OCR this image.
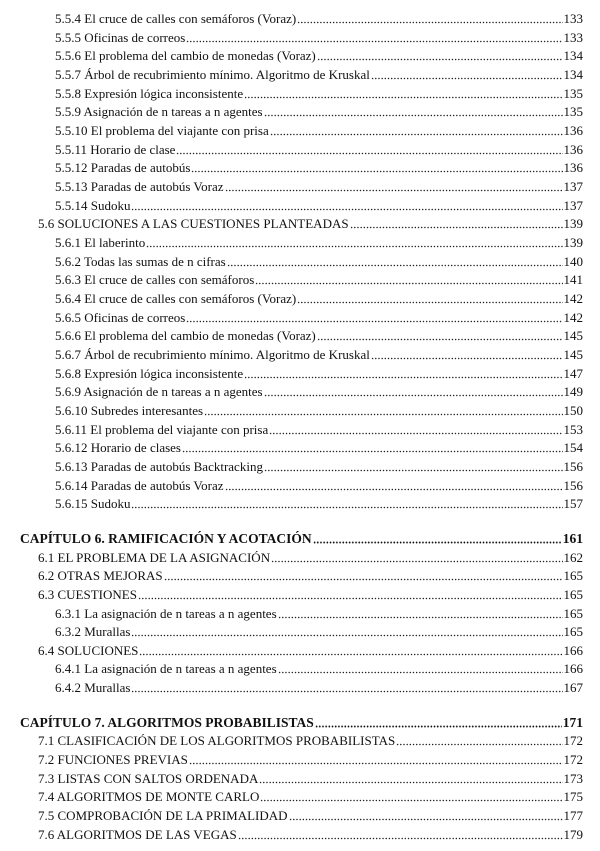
5.5.4 El cruce de calles con semáforos (Voraz)	133
5.5.5 Oficinas de correos	133
5.5.6 El problema del cambio de monedas (Voraz)	134
5.5.7 Árbol de recubrimiento mínimo. Algoritmo de Kruskal	134
5.5.8 Expresión lógica inconsistente	135
5.5.9 Asignación de n tareas a n agentes	135
5.5.10 El problema del viajante con prisa	136
5.5.11 Horario de clase	136
5.5.12 Paradas de autobús	136
5.5.13 Paradas de autobús Voraz	137
5.5.14 Sudoku	137
5.6 SOLUCIONES A LAS CUESTIONES PLANTEADAS	139
5.6.1 El laberinto	139
5.6.2 Todas las sumas de n cifras	140
5.6.3 El cruce de calles con semáforos	141
5.6.4 El cruce de calles con semáforos (Voraz)	142
5.6.5 Oficinas de correos	142
5.6.6 El problema del cambio de monedas (Voraz)	145
5.6.7 Árbol de recubrimiento mínimo. Algoritmo de Kruskal	145
5.6.8 Expresión lógica inconsistente	147
5.6.9 Asignación de n tareas a n agentes	149
5.6.10 Subredes interesantes	150
5.6.11 El problema del viajante con prisa	153
5.6.12 Horario de clases	154
5.6.13 Paradas de autobús Backtracking	156
5.6.14 Paradas de autobús Voraz	156
5.6.15 Sudoku	157
CAPÍTULO 6. RAMIFICACIÓN Y ACOTACIÓN	161
6.1 EL PROBLEMA DE LA ASIGNACIÓN	162
6.2 OTRAS MEJORAS	165
6.3 CUESTIONES	165
6.3.1 La asignación de n tareas a n agentes	165
6.3.2 Murallas	165
6.4 SOLUCIONES	166
6.4.1 La asignación de n tareas a n agentes	166
6.4.2 Murallas	167
CAPÍTULO 7. ALGORITMOS PROBABILISTAS	171
7.1 CLASIFICACIÓN DE LOS ALGORITMOS PROBABILISTAS	172
7.2 FUNCIONES PREVIAS	172
7.3 LISTAS CON SALTOS ORDENADA	173
7.4 ALGORITMOS DE MONTE CARLO	175
7.5 COMPROBACIÓN DE LA PRIMALIDAD	177
7.6 ALGORITMOS DE LAS VEGAS	179
